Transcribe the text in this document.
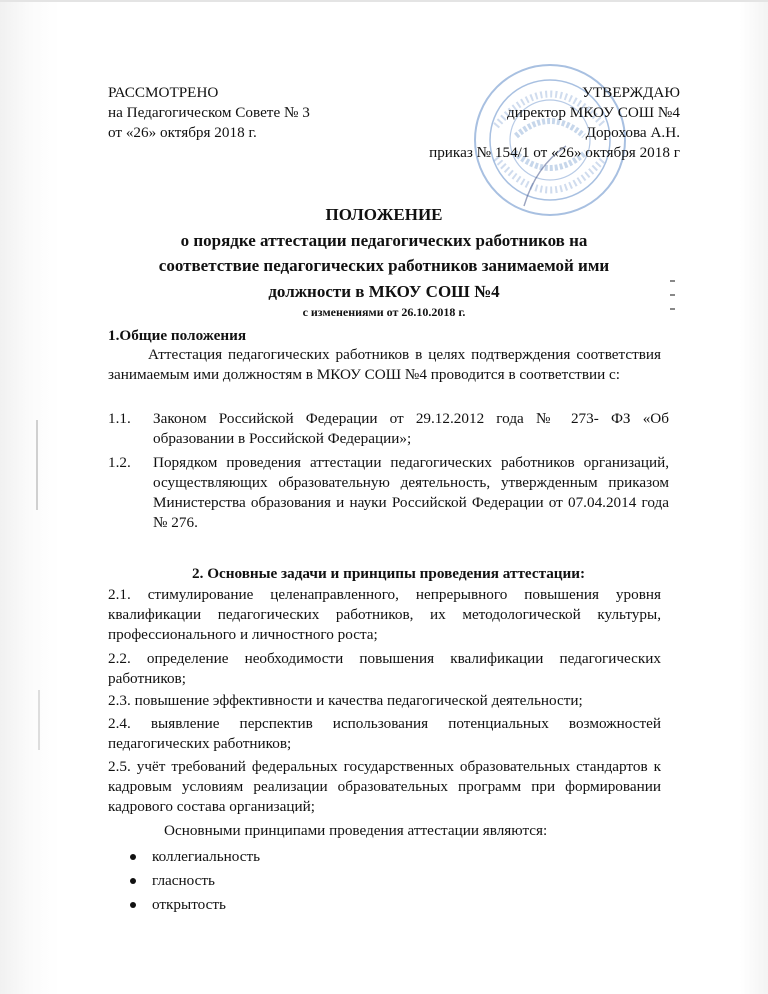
РАССМОТРЕНО
на Педагогическом Совете № 3
от «26» октября 2018 г.
УТВЕРЖДАЮ
директор МКОУ СОШ №4
Дорохова А.Н.
приказ № 154/1 от «26» октября 2018 г
ПОЛОЖЕНИЕ
о порядке аттестации педагогических работников на
соответствие педагогических работников занимаемой ими
должности в МКОУ СОШ №4
с изменениями от 26.10.2018 г.
1.Общие положения
Аттестация педагогических работников в целях подтверждения соответствия занимаемым ими должностям в МКОУ СОШ №4 проводится в соответствии с:
1.1. Законом Российской Федерации от 29.12.2012 года № 273- ФЗ «Об образовании в Российской Федерации»;
1.2. Порядком проведения аттестации педагогических работников организаций, осуществляющих образовательную деятельность, утвержденным приказом Министерства образования и науки Российской Федерации от 07.04.2014 года № 276.
2. Основные задачи и принципы проведения аттестации:
2.1. стимулирование целенаправленного, непрерывного повышения уровня квалификации педагогических работников, их методологической культуры, профессионального и личностного роста;
2.2. определение необходимости повышения квалификации педагогических работников;
2.3. повышение эффективности и качества педагогической деятельности;
2.4. выявление перспектив использования потенциальных возможностей педагогических работников;
2.5. учёт требований федеральных государственных образовательных стандартов к кадровым условиям реализации образовательных программ при формировании кадрового состава организаций;
Основными принципами проведения аттестации являются:
коллегиальность
гласность
открытость
